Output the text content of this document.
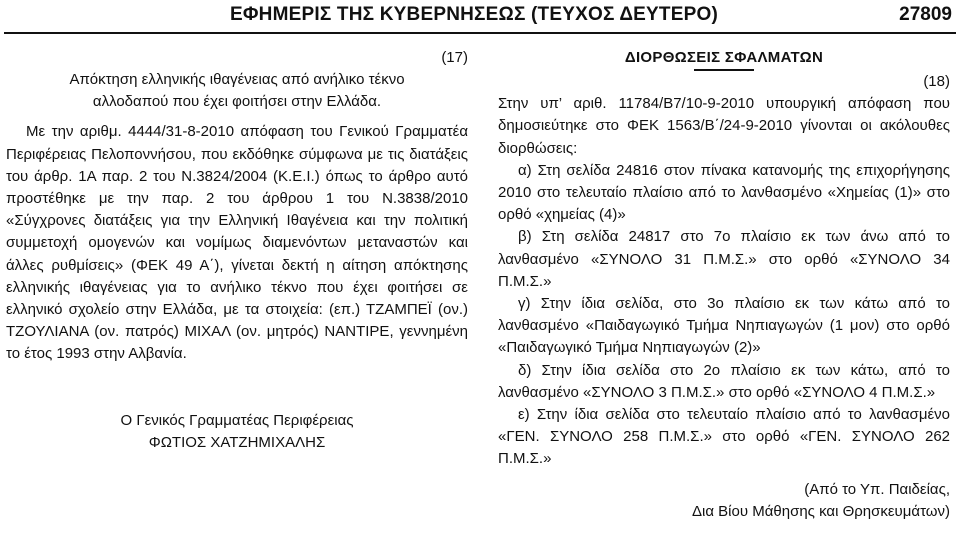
ΕΦΗΜΕΡΙΣ ΤΗΣ ΚΥΒΕΡΝΗΣΕΩΣ (ΤΕΥΧΟΣ ΔΕΥΤΕΡΟ)	27809
(17)
Απόκτηση ελληνικής ιθαγένειας από ανήλικο τέκνο
αλλοδαπού που έχει φοιτήσει στην Ελλάδα.
Με την αριθμ. 4444/31-8-2010 απόφαση του Γενικού Γραμματέα Περιφέρειας Πελοποννήσου, που εκδόθηκε σύμφωνα με τις διατάξεις του άρθρ. 1Α παρ. 2 του Ν.3824/2004 (Κ.Ε.Ι.) όπως το άρθρο αυτό προστέθηκε με την παρ. 2 του άρθρου 1 του Ν.3838/2010 «Σύγχρονες διατάξεις για την Ελληνική Ιθαγένεια και την πολιτική συμμετοχή ομογενών και νομίμως διαμενόντων μεταναστών και άλλες ρυθμίσεις» (ΦΕΚ 49 Α΄), γίνεται δεκτή η αίτηση απόκτησης ελληνικής ιθαγένειας για το ανήλικο τέκνο που έχει φοιτήσει σε ελληνικό σχολείο στην Ελλάδα, με τα στοιχεία: (επ.) ΤΖΑΜΠΕΪ (ον.) ΤΖΟΥΛΙΑΝΑ (ον. πατρός) ΜΙΧΑΛ (ον. μητρός) ΝΑΝΤΙΡΕ, γεννημένη το έτος 1993 στην Αλβανία.
Ο Γενικός Γραμματέας Περιφέρειας
ΦΩΤΙΟΣ ΧΑΤΖΗΜΙΧΑΛΗΣ
ΔΙΟΡΘΩΣΕΙΣ ΣΦΑΛΜΑΤΩΝ
(18)
Στην υπ’ αριθ. 11784/Β7/10-9-2010 υπουργική απόφαση που δημοσιεύτηκε στο ΦΕΚ 1563/Β΄/24-9-2010 γίνονται οι ακόλουθες διορθώσεις:
α) Στη σελίδα 24816 στον πίνακα κατανομής της επιχορήγησης 2010 στο τελευταίο πλαίσιο από το λανθασμένο «Χημείας (1)» στο ορθό «χημείας (4)»
β) Στη σελίδα 24817 στο 7ο πλαίσιο εκ των άνω από το λανθασμένο «ΣΥΝΟΛΟ 31 Π.Μ.Σ.» στο ορθό «ΣΥΝΟΛΟ 34 Π.Μ.Σ.»
γ) Στην ίδια σελίδα, στο 3ο πλαίσιο εκ των κάτω από το λανθασμένο «Παιδαγωγικό Τμήμα Νηπιαγωγών (1 μον) στο ορθό «Παιδαγωγικό Τμήμα Νηπιαγωγών (2)»
δ) Στην ίδια σελίδα στο 2ο πλαίσιο εκ των κάτω, από το λανθασμένο «ΣΥΝΟΛΟ 3 Π.Μ.Σ.» στο ορθό «ΣΥΝΟΛΟ 4 Π.Μ.Σ.»
ε) Στην ίδια σελίδα στο τελευταίο πλαίσιο από το λανθασμένο «ΓΕΝ. ΣΥΝΟΛΟ 258 Π.Μ.Σ.» στο ορθό «ΓΕΝ. ΣΥΝΟΛΟ 262 Π.Μ.Σ.»
(Από το Υπ. Παιδείας,
Δια Βίου Μάθησης και Θρησκευμάτων)
